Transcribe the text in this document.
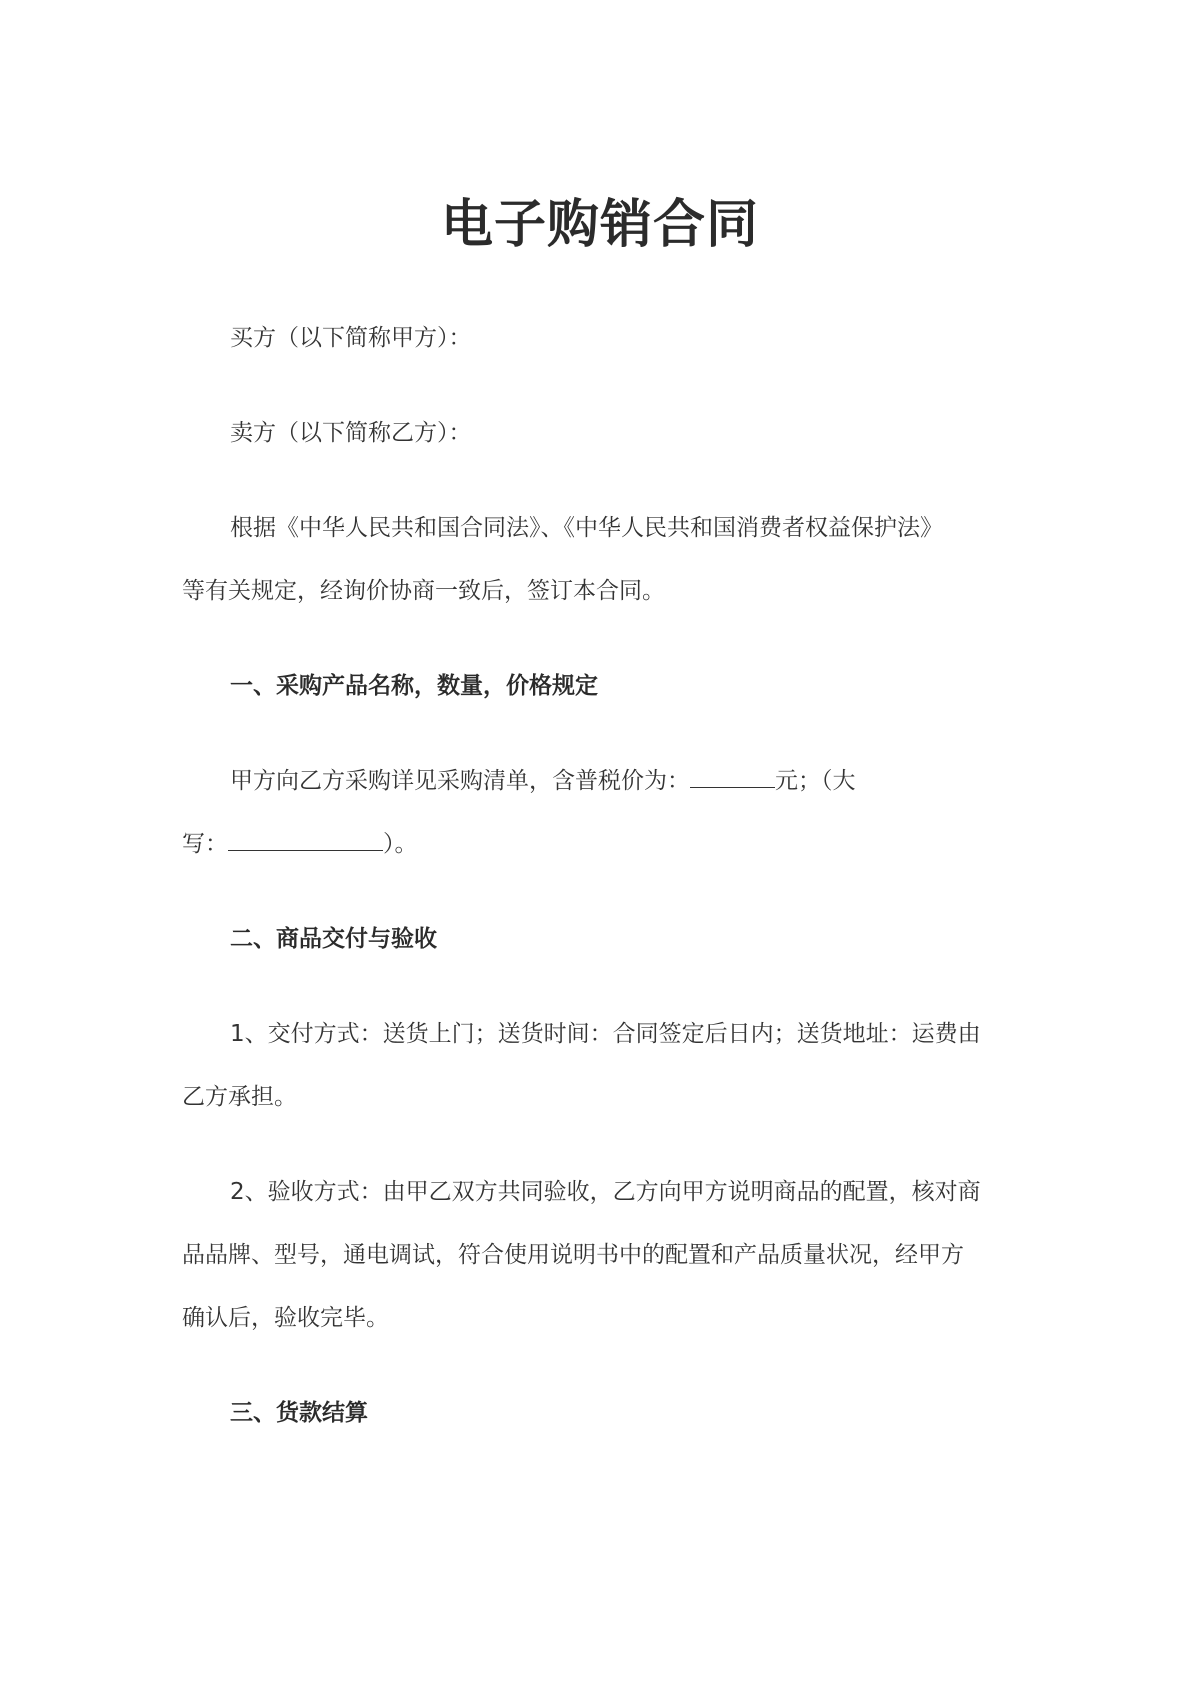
电子购销合同
买方（以下简称甲方）：
卖方（以下简称乙方）：
根据《中华人民共和国合同法》、《中华人民共和国消费者权益保护法》
等有关规定，经询价协商一致后，签订本合同。
一、采购产品名称，数量，价格规定
甲方向乙方采购详见采购清单，含普税价为：	元；（大
写：	）。
二、商品交付与验收
1、交付方式：送货上门；送货时间：合同签定后日内；送货地址：运费由
乙方承担。
2、验收方式：由甲乙双方共同验收，乙方向甲方说明商品的配置，核对商
品品牌、型号，通电调试，符合使用说明书中的配置和产品质量状况，经甲方
确认后，验收完毕。
三、货款结算
